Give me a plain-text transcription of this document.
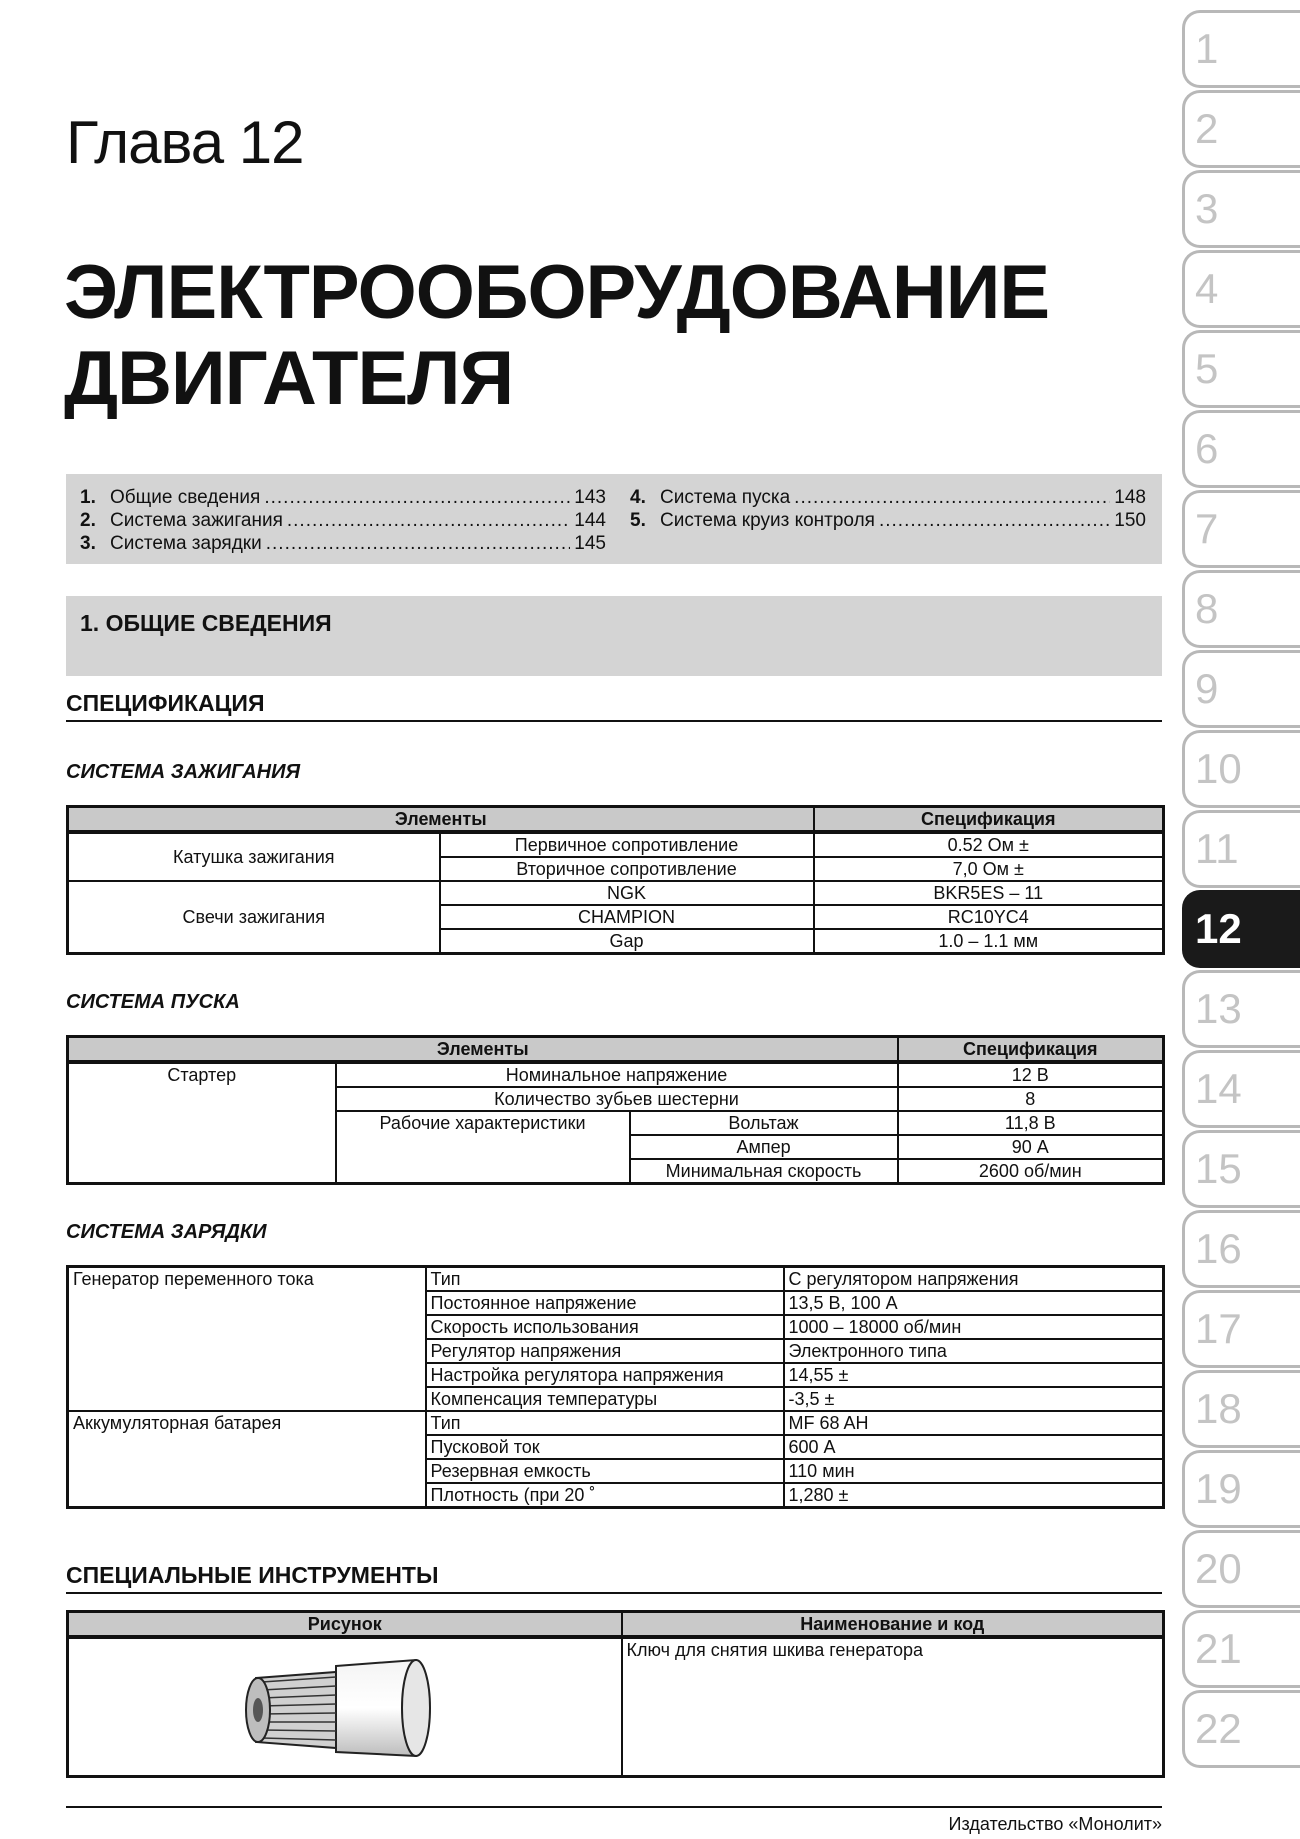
Глава 12
ЭЛЕКТРООБОРУДОВАНИЕ
ДВИГАТЕЛЯ
1. Общие сведения .....	143
2. Система зажигания .....	144
3. Система зарядки .....	145
4. Система пуска .....	148
5. Система круиз контроля .....	150
1. ОБЩИЕ СВЕДЕНИЯ
СПЕЦИФИКАЦИЯ
СИСТЕМА ЗАЖИГАНИЯ
Элементы		Спецификация
Катушка зажигания	Первичное сопротивление	0.52 Ом ±
	Вторичное сопротивление	7,0 Ом ±
Свечи зажигания	NGK	BKR5ES – 11
	CHAMPION	RC10YC4
	Gap	1.0 – 1.1 мм
СИСТЕМА ПУСКА
Элементы			Спецификация
Стартер	Номинальное напряжение		12 В
	Количество зубьев шестерни		8
	Рабочие характеристики	Вольтаж	11,8 В
		Ампер	90 А
		Минимальная скорость	2600 об/мин
СИСТЕМА ЗАРЯДКИ
Генератор переменного тока	Тип	С регулятором напряжения
	Постоянное напряжение	13,5 В, 100 А
	Скорость использования	1000 – 18000 об/мин
	Регулятор напряжения	Электронного типа
	Настройка регулятора напряжения	14,55 ±
	Компенсация температуры	-3,5 ±
Аккумуляторная батарея	Тип	MF 68 AH
	Пусковой ток	600 А
	Резервная емкость	110 мин
	Плотность (при 20 ˚	1,280 ±
СПЕЦИАЛЬНЫЕ ИНСТРУМЕНТЫ
Рисунок	Наименование и код
	Ключ для снятия шкива генератора
1
2
3
4
5
6
7
8
9
10
11
12
13
14
15
16
17
18
19
20
21
22
Издательство «Монолит»
